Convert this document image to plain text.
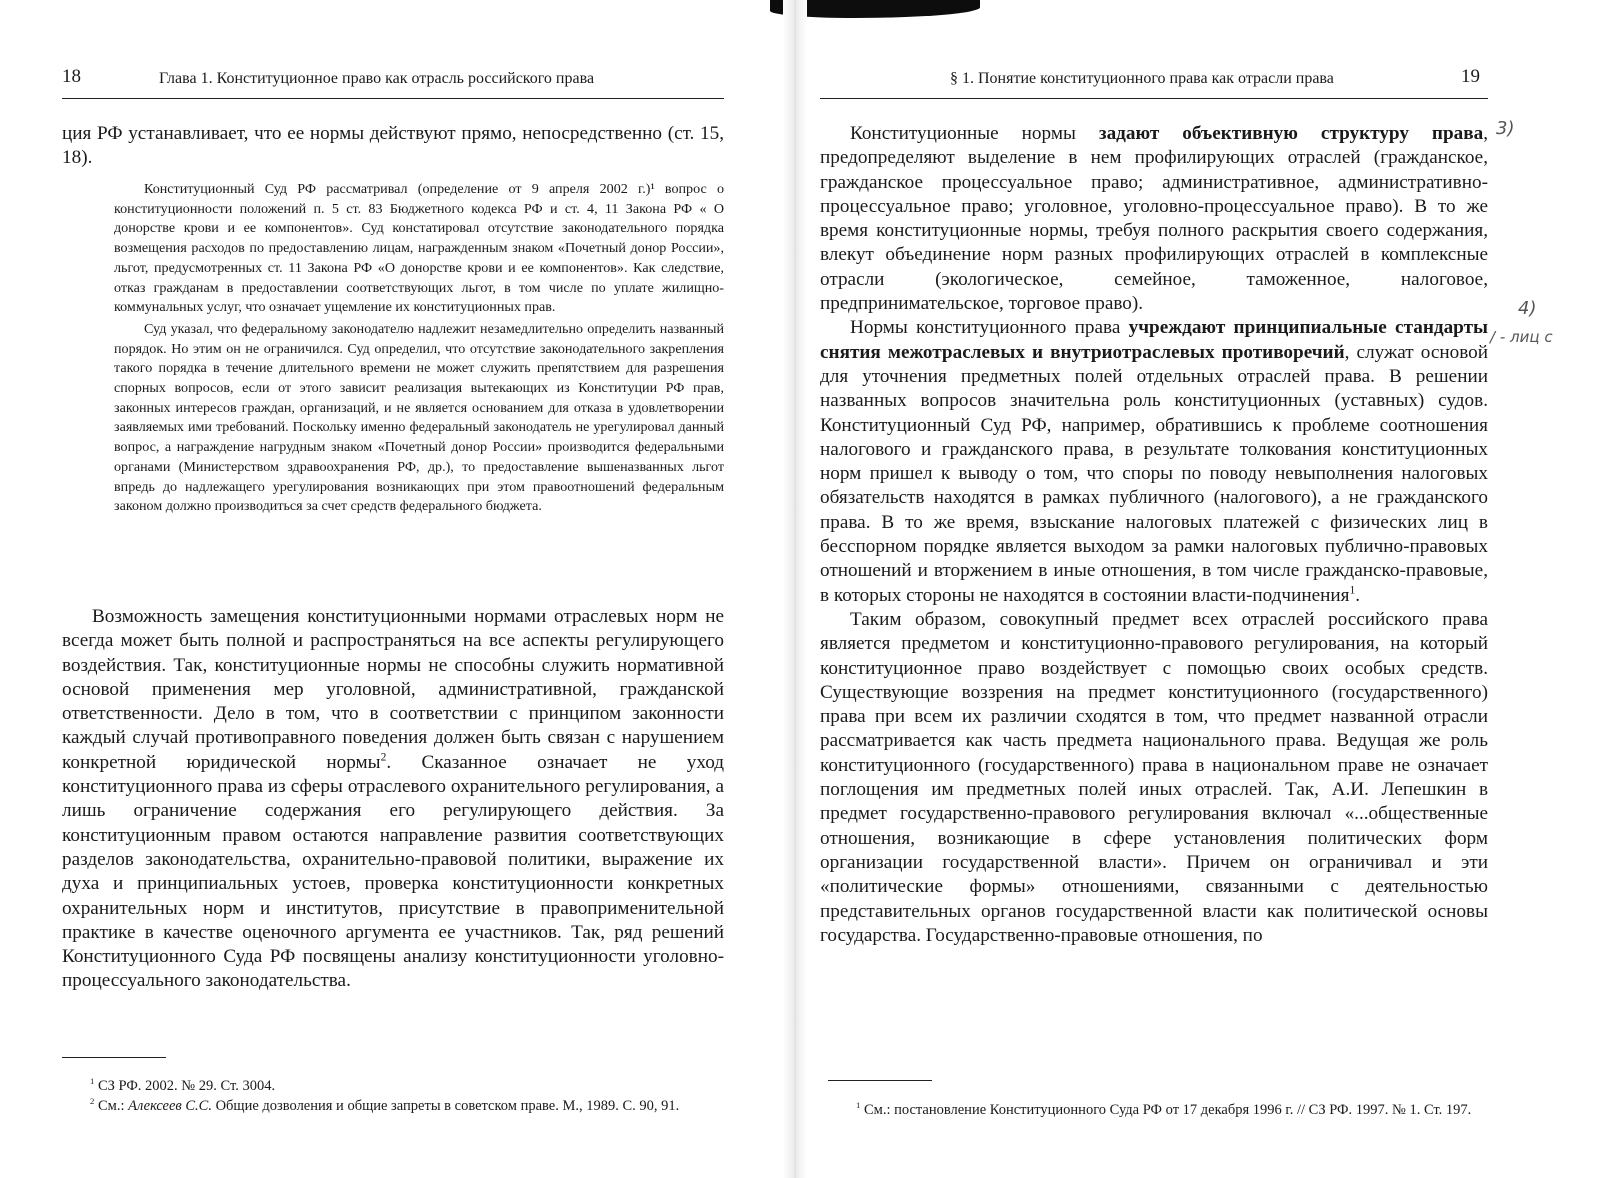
18	Глава 1. Конституционное право как отрасль российского права

ция РФ устанавливает, что ее нормы действуют прямо, непосредственно (ст. 15, 18).

Конституционный Суд РФ рассматривал (определение от 9 апреля 2002 г.)¹ вопрос о конституционности положений п. 5 ст. 83 Бюджетного кодекса РФ и ст. 4, 11 Закона РФ « О донорстве крови и ее компонентов». Суд констатировал отсутствие законодательного порядка возмещения расходов по предоставлению лицам, награжденным знаком «Почетный донор России», льгот, предусмотренных ст. 11 Закона РФ «О донорстве крови и ее компонентов». Как следствие, отказ гражданам в предоставлении соответствующих льгот, в том числе по уплате жилищно-коммунальных услуг, что означает ущемление их конституционных прав.

Суд указал, что федеральному законодателю надлежит незамедлительно определить названный порядок. Но этим он не ограничился. Суд определил, что отсутствие законодательного закрепления такого порядка в течение длительного времени не может служить препятствием для разрешения спорных вопросов, если от этого зависит реализация вытекающих из Конституции РФ прав, законных интересов граждан, организаций, и не является основанием для отказа в удовлетворении заявляемых ими требований. Поскольку именно федеральный законодатель не урегулировал данный вопрос, а награждение нагрудным знаком «Почетный донор России» производится федеральными органами (Министерством здравоохранения РФ, др.), то предоставление вышеназванных льгот впредь до надлежащего урегулирования возникающих при этом правоотношений федеральным законом должно производиться за счет средств федерального бюджета.

Возможность замещения конституционными нормами отраслевых норм не всегда может быть полной и распространяться на все аспекты регулирующего воздействия. Так, конституционные нормы не способны служить нормативной основой применения мер уголовной, административной, гражданской ответственности. Дело в том, что в соответствии с принципом законности каждый случай противоправного поведения должен быть связан с нарушением конкретной юридической нормы$^2$. Сказанное означает не уход конституционного права из сферы отраслевого охранительного регулирования, а лишь ограничение содержания его регулирующего действия. За конституционным правом остаются направление развития соответствующих разделов законодательства, охранительно-правовой политики, выражение их духа и принципиальных устоев, проверка конституционности конкретных охранительных норм и институтов, присутствие в правоприменительной практике в качестве оценочного аргумента ее участников. Так, ряд решений Конституционного Суда РФ посвящены анализу конституционности уголовно-процессуального законодательства.

$^1$ СЗ РФ. 2002. № 29. Ст. 3004.

$^2$ См.: Алексеев С.С. Общие дозволения и общие запреты в советском праве. М., 1989. С. 90, 91.

§ 1. Понятие конституционного права как отрасли права	19

Конституционные нормы задают объективную структуру права, предопределяют выделение в нем профилирующих отраслей (гражданское, гражданское процессуальное право; административное, административно-процессуальное право; уголовное, уголовно-процессуальное право). В то же время конституционные нормы, требуя полного раскрытия своего содержания, влекут объединение норм разных профилирующих отраслей в комплексные отрасли (экологическое, семейное, таможенное, налоговое, предпринимательское, торговое право).

Нормы конституционного права учреждают принципиальные стандарты снятия межотраслевых и внутриотраслевых противоречий, служат основой для уточнения предметных полей отдельных отраслей права. В решении названных вопросов значительна роль конституционных (уставных) судов. Конституционный Суд РФ, например, обратившись к проблеме соотношения налогового и гражданского права, в результате толкования конституционных норм пришел к выводу о том, что споры по поводу невыполнения налоговых обязательств находятся в рамках публичного (налогового), а не гражданского права. В то же время, взыскание налоговых платежей с физических лиц в бесспорном порядке является выходом за рамки налоговых публично-правовых отношений и вторжением в иные отношения, в том числе гражданско-правовые, в которых стороны не находятся в состоянии власти-подчинения$^1$.

Таким образом, совокупный предмет всех отраслей российского права является предметом и конституционно-правового регулирования, на который конституционное право воздействует с помощью своих особых средств. Существующие воззрения на предмет конституционного (государственного) права при всем их различии сходятся в том, что предмет названной отрасли рассматривается как часть предмета национального права. Ведущая же роль конституционного (государственного) права в национальном праве не означает поглощения им предметных полей иных отраслей. Так, А.И. Лепешкин в предмет государственно-правового регулирования включал «...общественные отношения, возникающие в сфере установления политических форм организации государственной власти». Причем он ограничивал и эти «политические формы» отношениями, связанными с деятельностью представительных органов государственной власти как политической основы государства. Государственно-правовые отношения, по

$^1$ См.: постановление Конституционного Суда РФ от 17 декабря 1996 г. // СЗ РФ. 1997. № 1. Ст. 197.

3)
4)
/ - лиц с
